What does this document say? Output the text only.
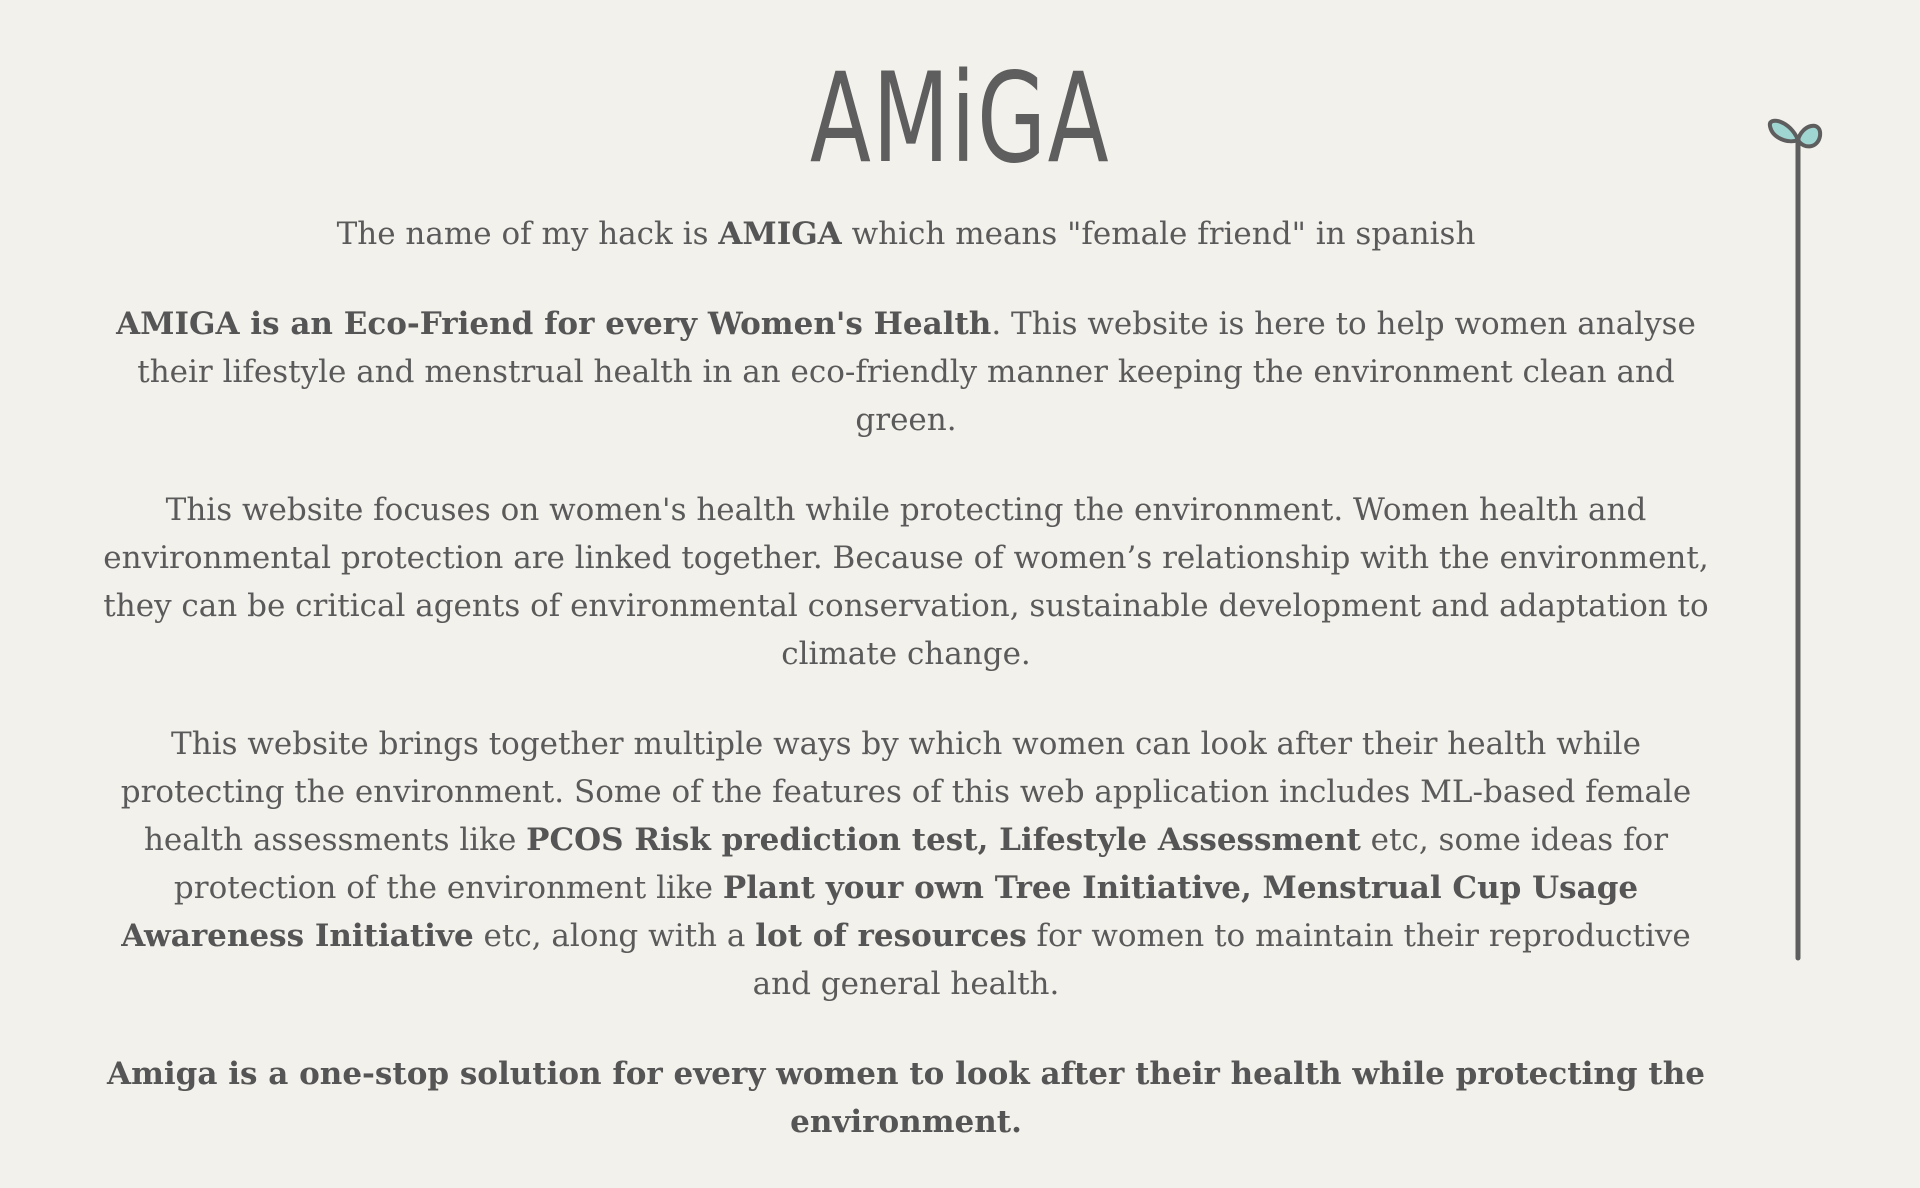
AMiGA

The name of my hack is AMIGA which means "female friend" in spanish

AMIGA is an Eco-Friend for every Women's Health. This website is here to help women analyse their lifestyle and menstrual health in an eco-friendly manner keeping the environment clean and green.

This website focuses on women's health while protecting the environment. Women health and environmental protection are linked together. Because of women’s relationship with the environment, they can be critical agents of environmental conservation, sustainable development and adaptation to climate change.

This website brings together multiple ways by which women can look after their health while protecting the environment. Some of the features of this web application includes ML-based female health assessments like PCOS Risk prediction test, Lifestyle Assessment etc, some ideas for protection of the environment like Plant your own Tree Initiative, Menstrual Cup Usage Awareness Initiative etc, along with a lot of resources for women to maintain their reproductive and general health.

Amiga is a one-stop solution for every women to look after their health while protecting the environment.
